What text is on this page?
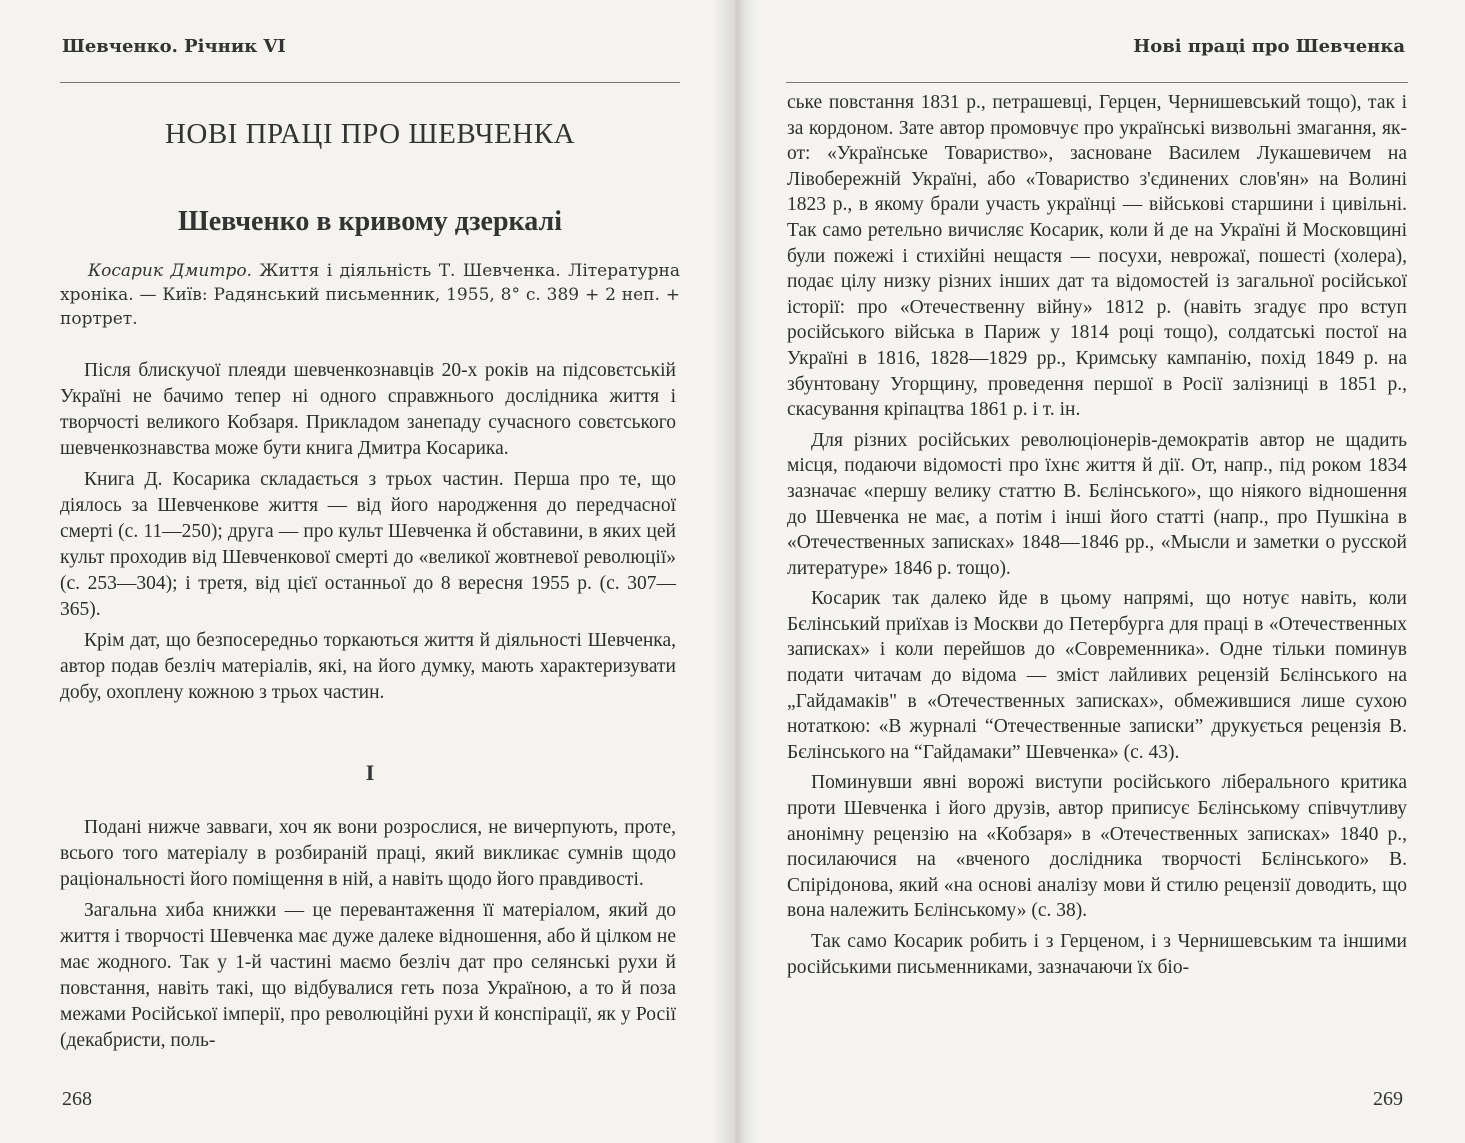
Шевченко. Річник VI
НОВІ ПРАЦІ ПРО ШЕВЧЕНКА
Шевченко в кривому дзеркалі
Косарик Дмитро. Життя і діяльність Т. Шевченка. Літературна хроніка. — Київ: Радянський письменник, 1955, 8° с. 389 + 2 неп. + портрет.

Після блискучої плеяди шевченкознавців 20-х років на підсовєтській Україні не бачимо тепер ні одного справжнього дослідника життя і творчості великого Кобзаря. Прикладом занепаду сучасного совєтського шевченкознавства може бути книга Дмитра Косарика.

Книга Д. Косарика складається з трьох частин. Перша про те, що діялось за Шевченкове життя — від його народження до передчасної смерті (с. 11—250); друга — про культ Шевченка й обставини, в яких цей культ проходив від Шевченкової смерті до «великої жовтневої революції» (с. 253—304); і третя, від цієї останньої до 8 вересня 1955 р. (с. 307—365).

Крім дат, що безпосередньо торкаються життя й діяльності Шевченка, автор подав безліч матеріалів, які, на його думку, мають характеризувати добу, охоплену кожною з трьох частин.

I

Подані нижче завваги, хоч як вони розрослися, не вичерпують, проте, всього того матеріалу в розбираній праці, який викликає сумнів щодо раціональності його поміщення в ній, а навіть щодо його правдивості.

Загальна хиба книжки — це перевантаження її матеріалом, який до життя і творчості Шевченка має дуже далеке відношення, або й цілком не має жодного. Так у 1-й частині маємо безліч дат про селянські рухи й повстання, навіть такі, що відбувалися геть поза Україною, а то й поза межами Російської імперії, про революційні рухи й конспірації, як у Росії (декабристи, поль-

268
Нові праці про Шевченка

ське повстання 1831 р., петрашевці, Герцен, Чернишевський тощо), так і за кордоном. Зате автор промовчує про українські визвольні змагання, як-от: «Українське Товариство», засноване Василем Лукашевичем на Лівобережній Україні, або «Товариство з'єдинених слов'ян» на Волині 1823 р., в якому брали участь українці — військові старшини і цивільні. Так само ретельно вичисляє Косарик, коли й де на Україні й Московщині були пожежі і стихійні нещастя — посухи, неврожаї, пошесті (холера), подає цілу низку різних інших дат та відомостей із загальної російської історії: про «Отечественну війну» 1812 р. (навіть згадує про вступ російського війська в Париж у 1814 році тощо), солдатські постої на Україні в 1816, 1828—1829 рр., Кримську кампанію, похід 1849 р. на збунтовану Угорщину, проведення першої в Росії залізниці в 1851 р., скасування кріпацтва 1861 р. і т. ін.

Для різних російських революціонерів-демократів автор не щадить місця, подаючи відомості про їхнє життя й дії. От, напр., під роком 1834 зазначає «першу велику статтю В. Бєлінського», що ніякого відношення до Шевченка не має, а потім і інші його статті (напр., про Пушкіна в «Отечественных записках» 1848—1846 рр., «Мысли и заметки о русской литературе» 1846 р. тощо).

Косарик так далеко йде в цьому напрямі, що нотує навіть, коли Бєлінський приїхав із Москви до Петербурга для праці в «Отечественных записках» і коли перейшов до «Современника». Одне тільки поминув подати читачам до відома — зміст лайливих рецензій Бєлінського на „Гайдамаків" в «Отечественных записках», обмежившися лише сухою нотаткою: «В журналі “Отечественные записки” друкується рецензія В. Бєлінського на “Гайдамаки” Шевченка» (с. 43).

Поминувши явні ворожі виступи російського ліберального критика проти Шевченка і його друзів, автор приписує Бєлінському співчутливу анонімну рецензію на «Кобзаря» в «Отечественных записках» 1840 р., посилаючися на «вченого дослідника творчості Бєлінського» В. Спірідонова, який «на основі аналізу мови й стилю рецензії доводить, що вона належить Бєлінському» (с. 38).

Так само Косарик робить і з Герценом, і з Чернишевським та іншими російськими письменниками, зазначаючи їх біо-

269
